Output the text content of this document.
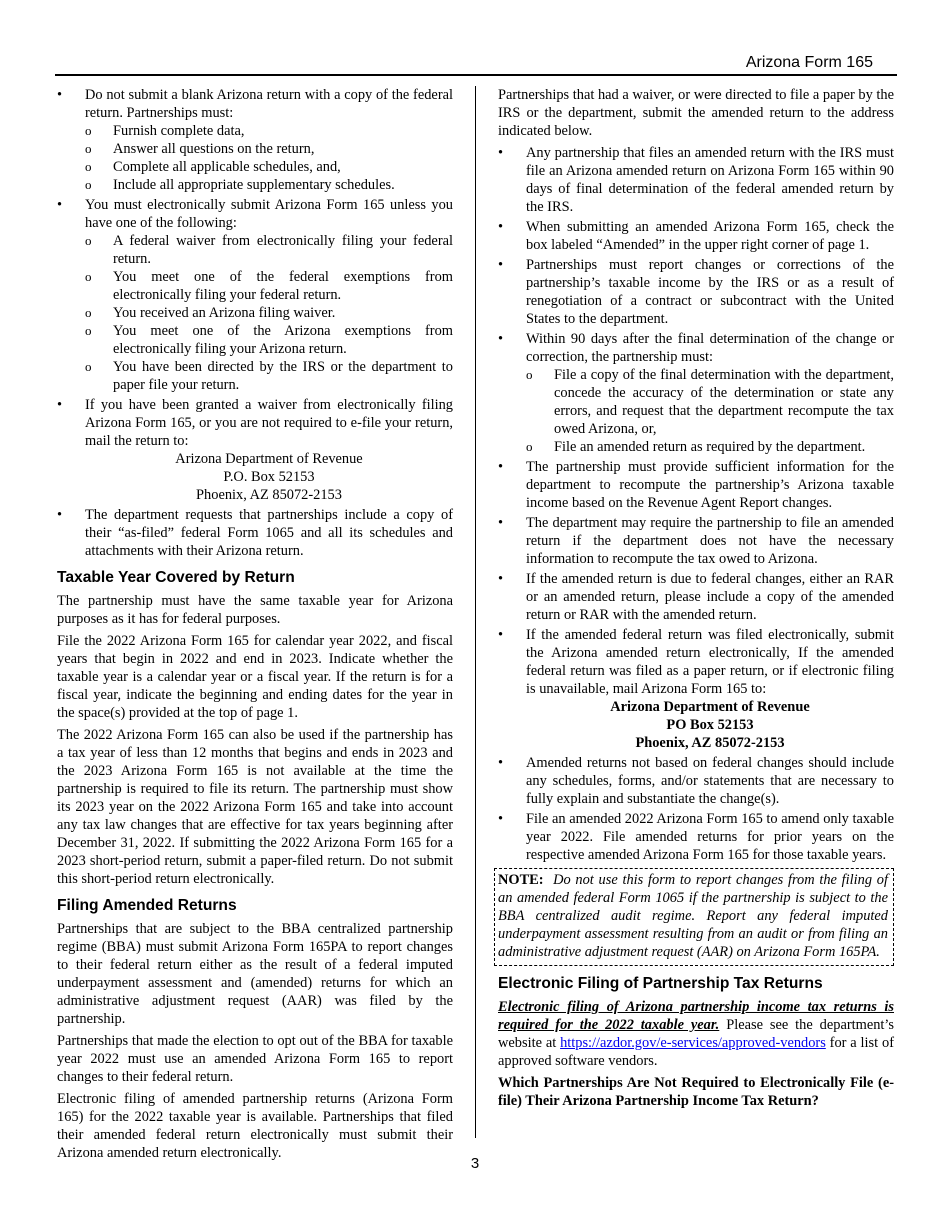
Arizona Form 165
•	Do not submit a blank Arizona return with a copy of the federal return. Partnerships must:
o Furnish complete data,
o Answer all questions on the return,
o Complete all applicable schedules, and,
o Include all appropriate supplementary schedules.
•	You must electronically submit Arizona Form 165 unless you have one of the following:
o A federal waiver from electronically filing your federal return.
o You meet one of the federal exemptions from electronically filing your federal return.
o You received an Arizona filing waiver.
o You meet one of the Arizona exemptions from electronically filing your Arizona return.
o You have been directed by the IRS or the department to paper file your return.
•	If you have been granted a waiver from electronically filing Arizona Form 165, or you are not required to e-file your return, mail the return to:
Arizona Department of Revenue
P.O. Box 52153
Phoenix, AZ 85072-2153
•	The department requests that partnerships include a copy of their “as-filed” federal Form 1065 and all its schedules and attachments with their Arizona return.
Taxable Year Covered by Return

The partnership must have the same taxable year for Arizona purposes as it has for federal purposes.

File the 2022 Arizona Form 165 for calendar year 2022, and fiscal years that begin in 2022 and end in 2023. Indicate whether the taxable year is a calendar year or a fiscal year. If the return is for a fiscal year, indicate the beginning and ending dates for the year in the space(s) provided at the top of page 1.

The 2022 Arizona Form 165 can also be used if the partnership has a tax year of less than 12 months that begins and ends in 2023 and the 2023 Arizona Form 165 is not available at the time the partnership is required to file its return. The partnership must show its 2023 year on the 2022 Arizona Form 165 and take into account any tax law changes that are effective for tax years beginning after December 31, 2022. If submitting the 2022 Arizona Form 165 for a 2023 short-period return, submit a paper-filed return. Do not submit this short-period return electronically.

Filing Amended Returns

Partnerships that are subject to the BBA centralized partnership regime (BBA) must submit Arizona Form 165PA to report changes to their federal return either as the result of a federal imputed underpayment assessment and (amended) returns for which an administrative adjustment request (AAR) was filed by the partnership.

Partnerships that made the election to opt out of the BBA for taxable year 2022 must use an amended Arizona Form 165 to report changes to their federal return.

Electronic filing of amended partnership returns (Arizona Form 165) for the 2022 taxable year is available. Partnerships that filed their amended federal return electronically must submit their Arizona amended return electronically.

Partnerships that had a waiver, or were directed to file a paper by the IRS or the department, submit the amended return to the address indicated below.

•	Any partnership that files an amended return with the IRS must file an Arizona amended return on Arizona Form 165 within 90 days of final determination of the federal amended return by the IRS.
•	When submitting an amended Arizona Form 165, check the box labeled “Amended” in the upper right corner of page 1.
•	Partnerships must report changes or corrections of the partnership’s taxable income by the IRS or as a result of renegotiation of a contract or subcontract with the United States to the department.
•	Within 90 days after the final determination of the change or correction, the partnership must:
o File a copy of the final determination with the department, concede the accuracy of the determination or state any errors, and request that the department recompute the tax owed Arizona, or,
o File an amended return as required by the department.
•	The partnership must provide sufficient information for the department to recompute the partnership’s Arizona taxable income based on the Revenue Agent Report changes.
•	The department may require the partnership to file an amended return if the department does not have the necessary information to recompute the tax owed to Arizona.
•	If the amended return is due to federal changes, either an RAR or an amended return, please include a copy of the amended return or RAR with the amended return.
•	If the amended federal return was filed electronically, submit the Arizona amended return electronically, If the amended federal return was filed as a paper return, or if electronic filing is unavailable, mail Arizona Form 165 to:
Arizona Department of Revenue
PO Box 52153
Phoenix, AZ 85072-2153
•	Amended returns not based on federal changes should include any schedules, forms, and/or statements that are necessary to fully explain and substantiate the change(s).
•	File an amended 2022 Arizona Form 165 to amend only taxable year 2022. File amended returns for prior years on the respective amended Arizona Form 165 for those taxable years.
NOTE: Do not use this form to report changes from the filing of an amended federal Form 1065 if the partnership is subject to the BBA centralized audit regime. Report any federal imputed underpayment assessment resulting from an audit or from filing an administrative adjustment request (AAR) on Arizona Form 165PA.
Electronic Filing of Partnership Tax Returns

Electronic filing of Arizona partnership income tax returns is required for the 2022 taxable year. Please see the department’s website at https://azdor.gov/e-services/approved-vendors for a list of approved software vendors.

Which Partnerships Are Not Required to Electronically File (e-file) Their Arizona Partnership Income Tax Return?

3
